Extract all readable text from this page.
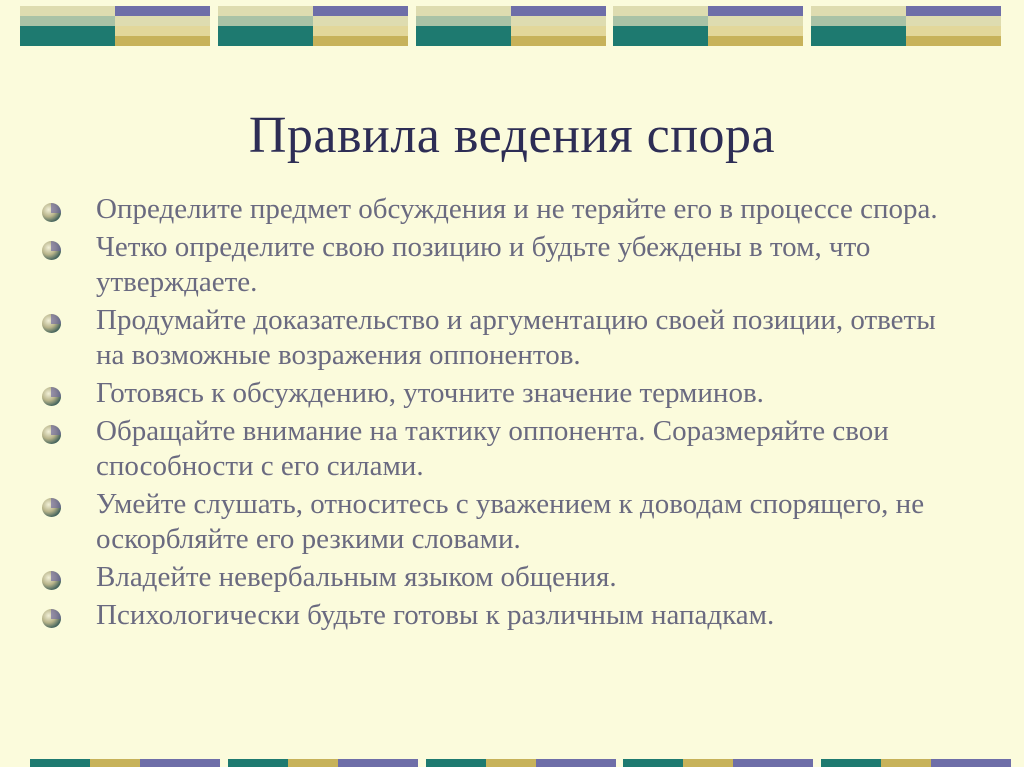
Правила ведения спора
Определите предмет обсуждения и не теряйте его в процессе спора.
Четко определите свою позицию и будьте убеждены в том, что утверждаете.
Продумайте доказательство и аргументацию своей позиции, ответы на возможные возражения оппонентов.
Готовясь к обсуждению, уточните значение терминов.
Обращайте внимание на тактику оппонента. Соразмеряйте свои способности с его силами.
Умейте слушать, относитесь с уважением к доводам спорящего, не оскорбляйте его резкими словами.
Владейте невербальным языком общения.
Психологически будьте готовы к различным нападкам.
